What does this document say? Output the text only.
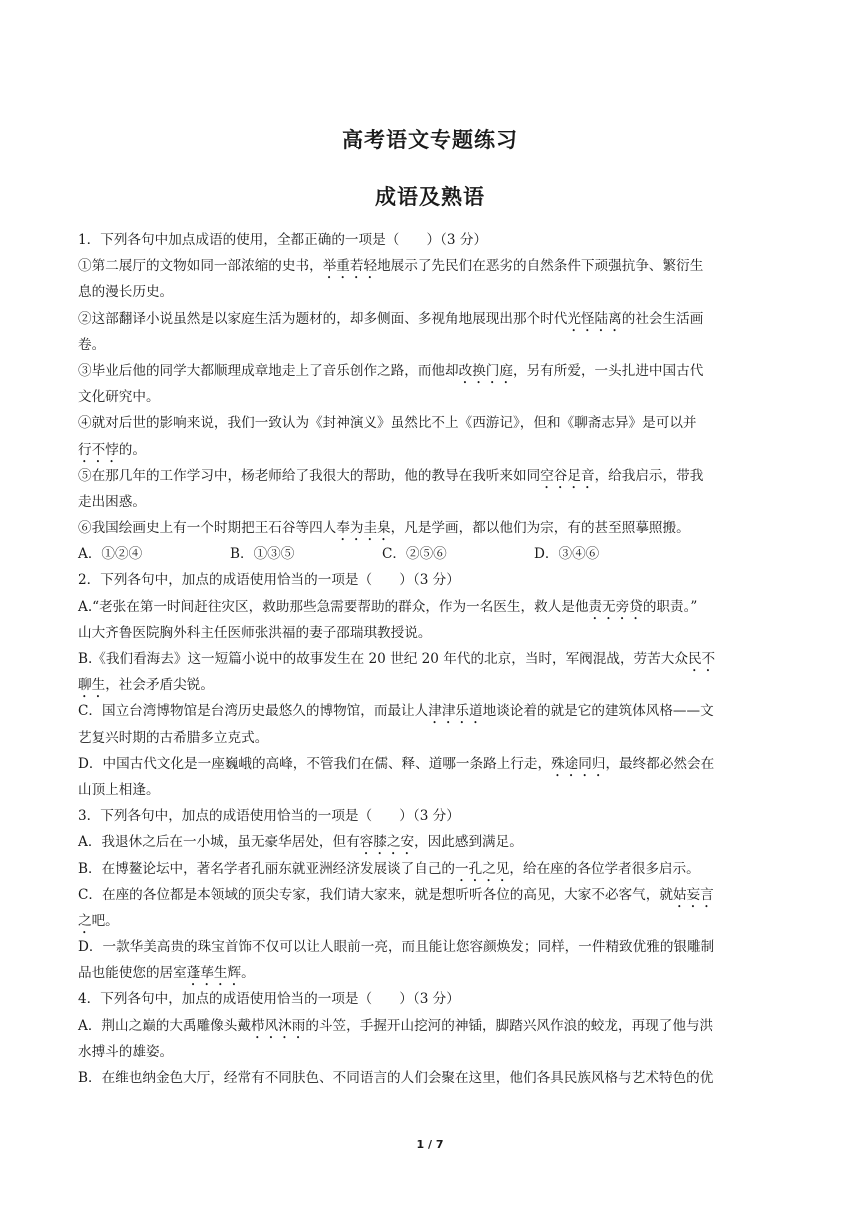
高考语文专题练习
成语及熟语
1．下列各句中加点成语的使用，全都正确的一项是（　　）（3 分）
①第二展厅的文物如同一部浓缩的史书，举重若轻地展示了先民们在恶劣的自然条件下顽强抗争、繁衍生
息的漫长历史。
②这部翻译小说虽然是以家庭生活为题材的，却多侧面、多视角地展现出那个时代光怪陆离的社会生活画
卷。
③毕业后他的同学大都顺理成章地走上了音乐创作之路，而他却改换门庭，另有所爱，一头扎进中国古代
文化研究中。
④就对后世的影响来说，我们一致认为《封神演义》虽然比不上《西游记》，但和《聊斋志异》是可以并
行不悖的。
⑤在那几年的工作学习中，杨老师给了我很大的帮助，他的教导在我听来如同空谷足音，给我启示，带我
走出困惑。
⑥我国绘画史上有一个时期把王石谷等四人奉为圭臬，凡是学画，都以他们为宗，有的甚至照摹照搬。
A．①②④	B．①③⑤	C．②⑤⑥	D．③④⑥
2．下列各句中，加点的成语使用恰当的一项是（　　）（3 分）
A.“老张在第一时间赶往灾区，救助那些急需要帮助的群众，作为一名医生，救人是他责无旁贷的职责。”
山大齐鲁医院胸外科主任医师张洪福的妻子邵瑞琪教授说。
B.《我们看海去》这一短篇小说中的故事发生在 20 世纪 20 年代的北京，当时，军阀混战，劳苦大众民不
聊生，社会矛盾尖锐。
C．国立台湾博物馆是台湾历史最悠久的博物馆，而最让人津津乐道地谈论着的就是它的建筑体风格——文
艺复兴时期的古希腊多立克式。
D．中国古代文化是一座巍峨的高峰，不管我们在儒、释、道哪一条路上行走，殊途同归，最终都必然会在
山顶上相逢。
3．下列各句中，加点的成语使用恰当的一项是（　　）（3 分）
A．我退休之后在一小城，虽无豪华居处，但有容膝之安，因此感到满足。
B．在博鳌论坛中，著名学者孔丽东就亚洲经济发展谈了自己的一孔之见，给在座的各位学者很多启示。
C．在座的各位都是本领域的顶尖专家，我们请大家来，就是想听听各位的高见，大家不必客气，就姑妄言
之吧。
D．一款华美高贵的珠宝首饰不仅可以让人眼前一亮，而且能让您容颜焕发；同样，一件精致优雅的银雕制
品也能使您的居室蓬荜生辉。
4．下列各句中，加点的成语使用恰当的一项是（　　）（3 分）
A．荆山之巅的大禹雕像头戴栉风沐雨的斗笠，手握开山挖河的神锸，脚踏兴风作浪的蛟龙，再现了他与洪
水搏斗的雄姿。
B．在维也纳金色大厅，经常有不同肤色、不同语言的人们会聚在这里，他们各具民族风格与艺术特色的优
1 / 7
